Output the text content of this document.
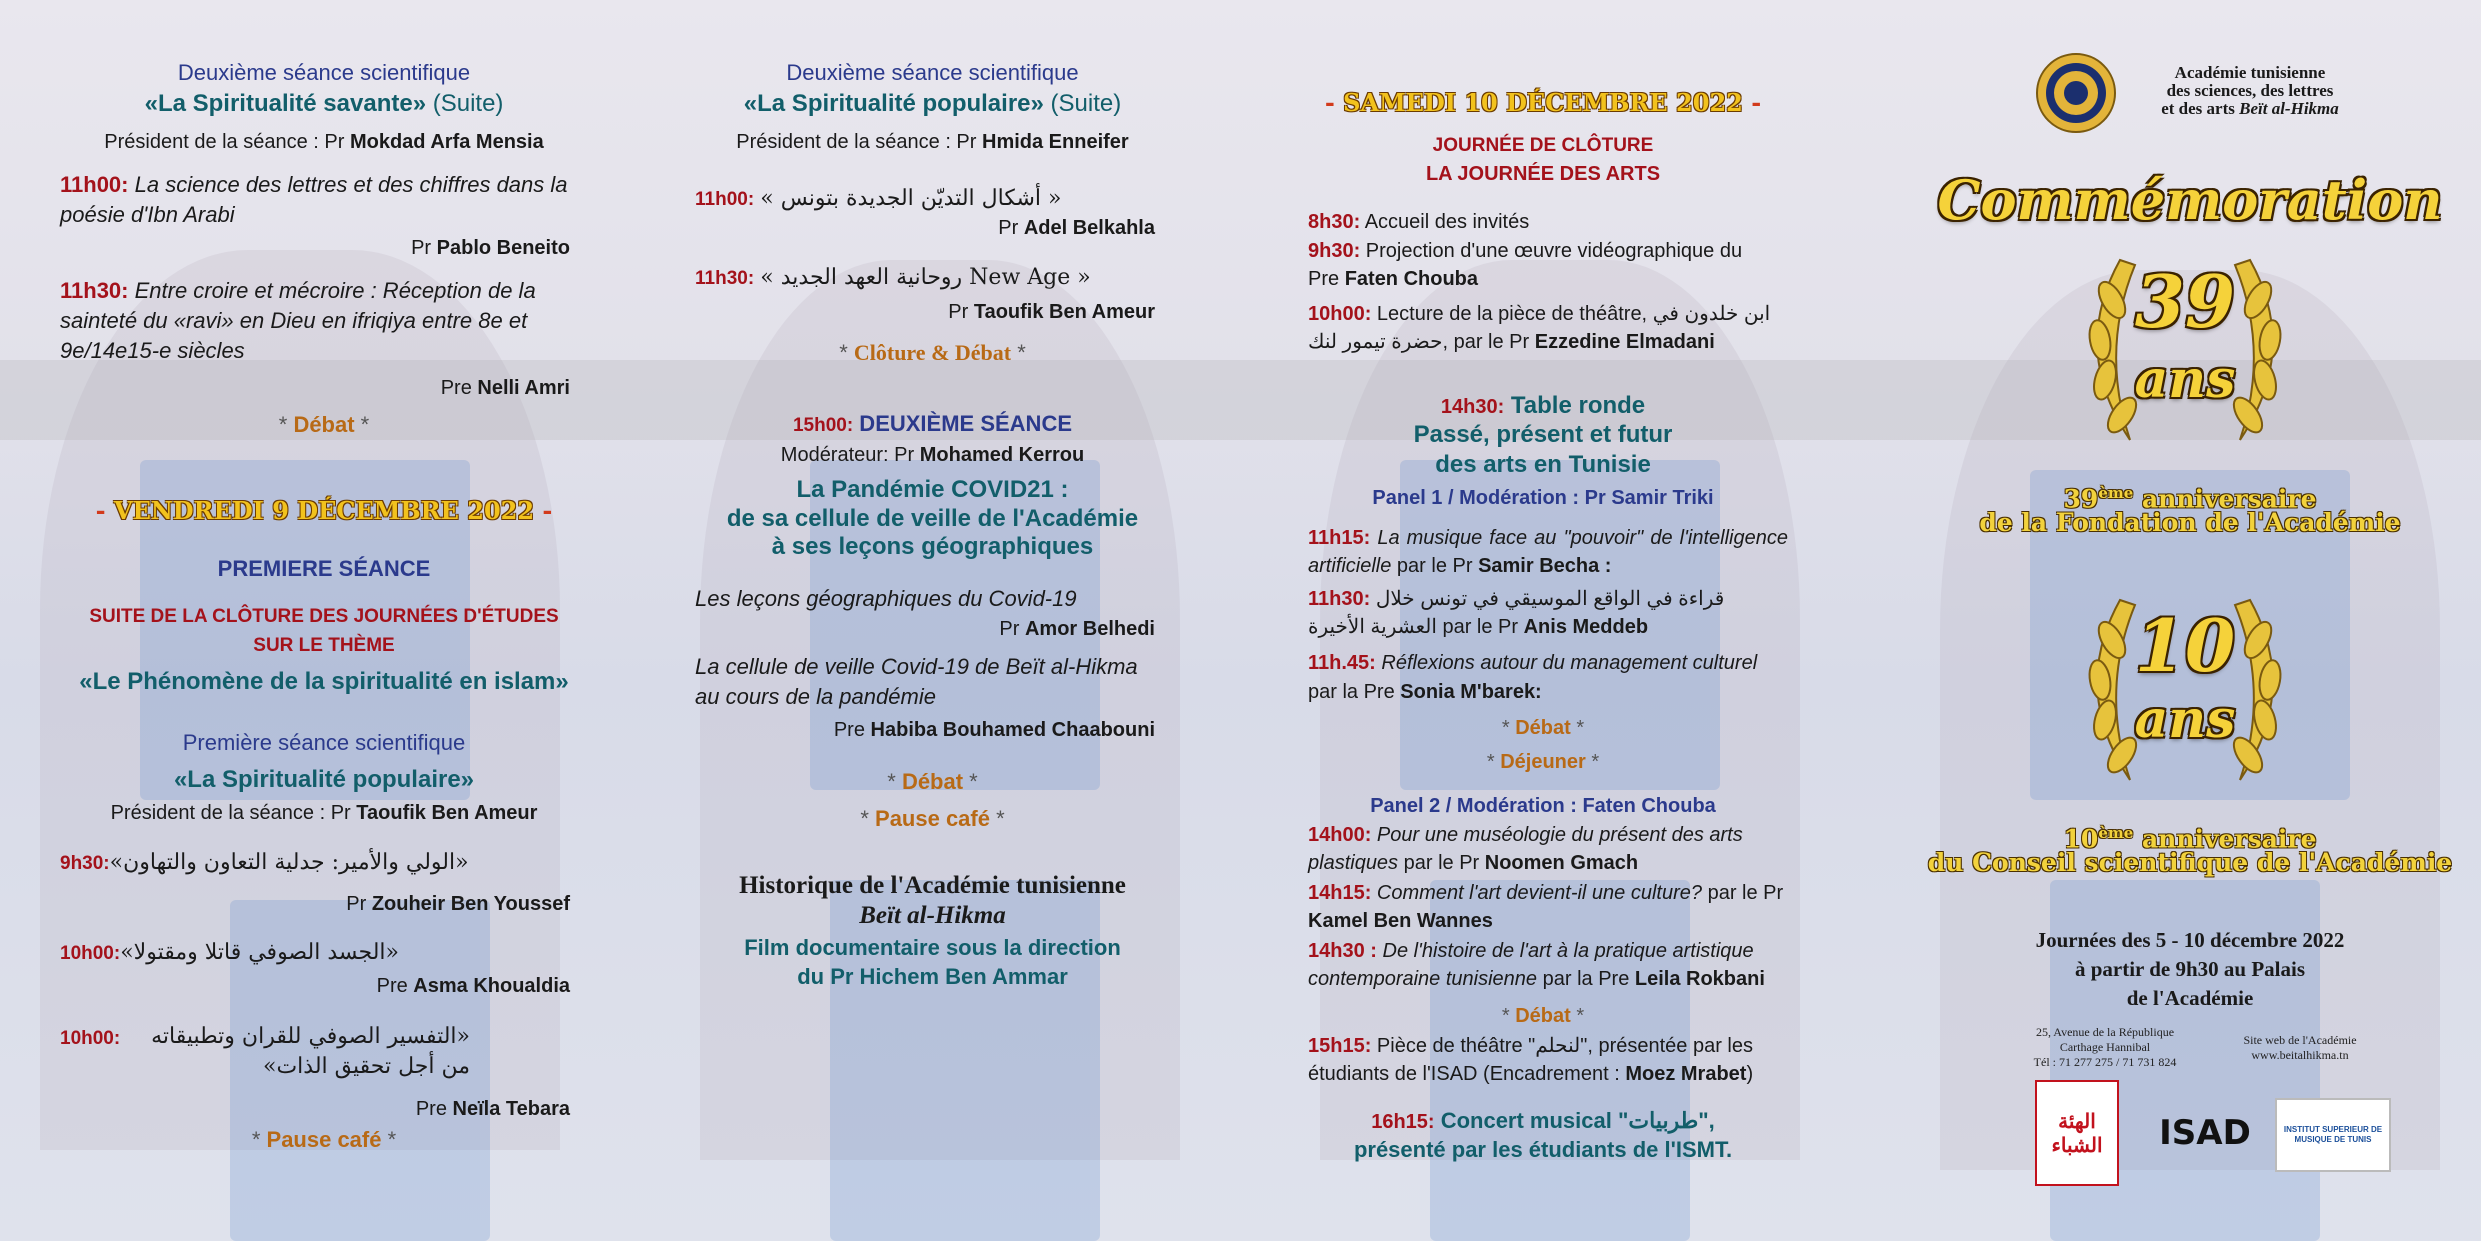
Deuxième séance scientifique
«La Spiritualité savante» (Suite)
Président de la séance : Pr Mokdad Arfa Mensia
11h00: La science des lettres et des chiffres dans la poésie d'Ibn Arabi
Pr Pablo Beneito
11h30: Entre croire et mécroire : Réception de la sainteté du «ravi» en Dieu en ifriqiya entre 8e et 9e/14e15-e siècles
Pre Nelli Amri
* Débat *
- VENDREDI 9 DÉCEMBRE 2022 -
PREMIERE SÉANCE
SUITE DE LA CLÔTURE DES JOURNÉES D'ÉTUDES
SUR LE THÈME
«Le Phénomène de la spiritualité en islam»
Première séance scientifique
«La Spiritualité populaire»
Président de la séance : Pr Taoufik Ben Ameur
9h30:«الولي والأمير: جدلية التعاون والتهاون»
Pr Zouheir Ben Youssef
10h00:«الجسد الصوفي قاتلا ومقتولا»
Pre Asma Khoualdia
10h00:	«التفسير الصوفي للقران وتطبيقاته من أجل تحقيق الذات»
Pre Neïla Tebara
* Pause café *
Deuxième séance scientifique
«La Spiritualité populaire» (Suite)
Président de la séance : Pr Hmida Enneifer
11h00: « أشكال التديّن الجديدة بتونس »
Pr Adel Belkahla
11h30: « روحانية العهد الجديد New Age »
Pr Taoufik Ben Ameur
* Clôture & Débat *
15h00: DEUXIÈME SÉANCE
Modérateur: Pr Mohamed Kerrou
La Pandémie COVID21 :
de sa cellule de veille de l'Académie
à ses leçons géographiques
Les leçons géographiques du Covid-19
Pr Amor Belhedi
La cellule de veille Covid-19 de Beït al-Hikma au cours de la pandémie
Pre Habiba Bouhamed Chaabouni
* Débat *
* Pause café *
Historique de l'Académie tunisienne
Beït al-Hikma
Film documentaire sous la direction
du Pr Hichem Ben Ammar
- SAMEDI 10 DÉCEMBRE 2022 -
JOURNÉE DE CLÔTURE
LA JOURNÉE DES ARTS
8h30: Accueil des invités
9h30: Projection d'une œuvre vidéographique du
Pre Faten Chouba
10h00: Lecture de la pièce de théâtre, ابن خلدون في حضرة تيمور لنك, par le Pr Ezzedine Elmadani
14h30: Table ronde
Passé, présent et futur
des arts en Tunisie
Panel 1 / Modération : Pr Samir Triki
11h15: La musique face au "pouvoir" de l'intelligence artificielle par le Pr Samir Becha :
11h30: قراءة في الواقع الموسيقي في تونس خلال العشرية الأخيرة par le Pr Anis Meddeb
11h.45: Réflexions autour du management culturel
par la Pre Sonia M'barek:
* Débat *
* Déjeuner *
Panel 2 / Modération : Faten Chouba
14h00: Pour une muséologie du présent des arts plastiques par le Pr Noomen Gmach
14h15: Comment l'art devient-il une culture? par le Pr Kamel Ben Wannes
14h30 : De l'histoire de l'art à la pratique artistique contemporaine tunisienne par la Pre Leila Rokbani
* Débat *
15h15: Pièce de théâtre "لنحلم", présentée par les étudiants de l'ISAD (Encadrement : Moez Mrabet)
16h15: Concert musical "طربيات",
présenté par les étudiants de l'ISMT.
Académie tunisienne
des sciences, des lettres
et des arts Beït al-Hikma
Commémoration
39
ans
39ème anniversaire
de la Fondation de l'Académie
10
ans
10ème anniversaire
du Conseil scientifique de l'Académie
Journées des 5 - 10 décembre 2022
à partir de 9h30 au Palais
de l'Académie
25, Avenue de la République
Carthage Hannibal
Tél : 71 277 275 / 71 731 824
Site web de l'Académie
www.beitalhikma.tn
الهئة الشباء ISAD	INSTITUT SUPERIEUR DE MUSIQUE DE TUNIS
